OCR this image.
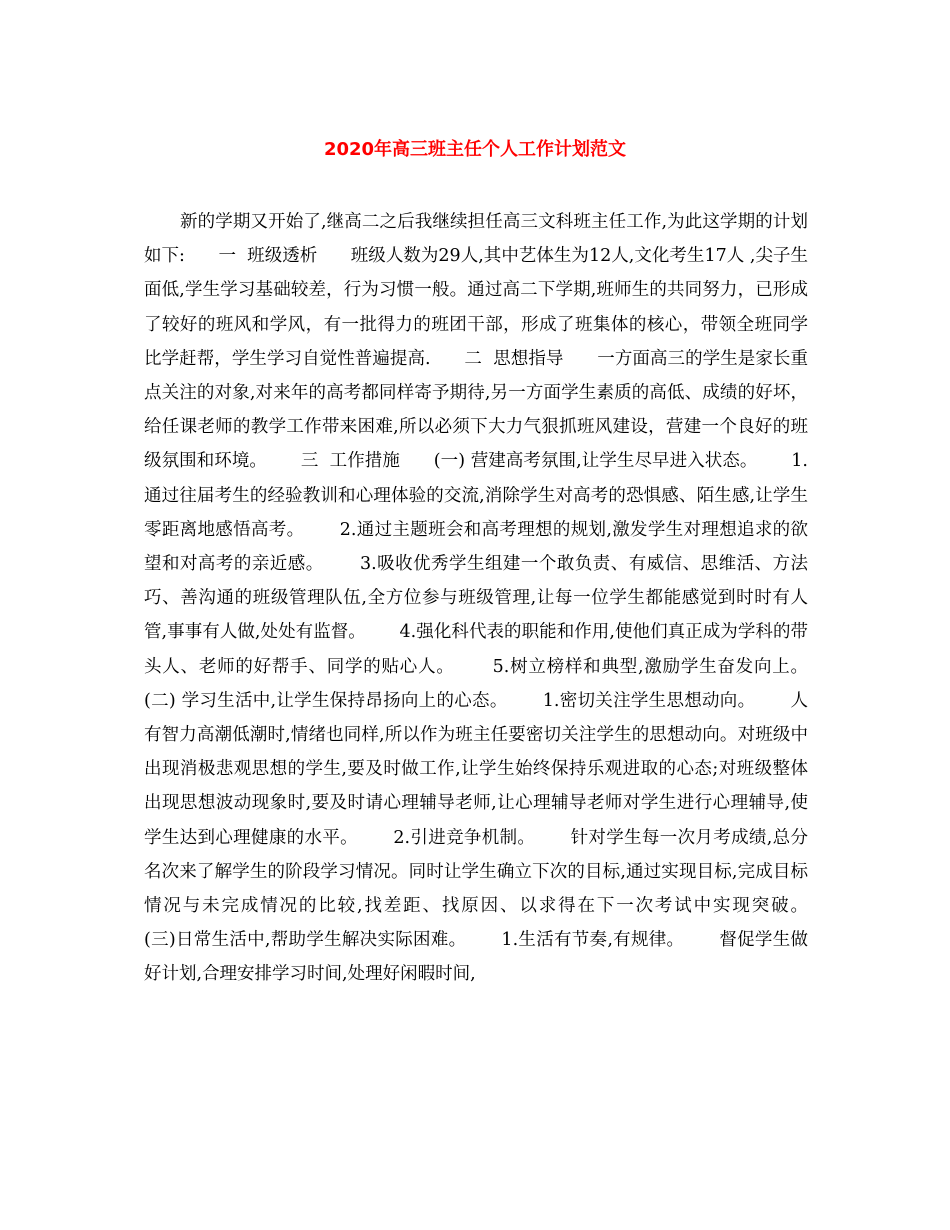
2020年高三班主任个人工作计划范文

新的学期又开始了,继高二之后我继续担任高三文科班主任工作,为此这学期的计划如下:      一  班级透析      班级人数为29人,其中艺体生为12人,文化考生17人 ,尖子生面低,学生学习基础较差，行为习惯一般。通过高二下学期,班师生的共同努力，已形成了较好的班风和学风，有一批得力的班团干部，形成了班集体的核心，带领全班同学比学赶帮，学生学习自觉性普遍提高.      二  思想指导      一方面高三的学生是家长重点关注的对象,对来年的高考都同样寄予期待,另一方面学生素质的高低、成绩的好坏，给任课老师的教学工作带来困难,所以必须下大力气狠抓班风建设，营建一个良好的班级氛围和环境。      三  工作措施      (一) 营建高考氛围,让学生尽早进入状态。      1.通过往届考生的经验教训和心理体验的交流,消除学生对高考的恐惧感、陌生感,让学生零距离地感悟高考。      2.通过主题班会和高考理想的规划,激发学生对理想追求的欲望和对高考的亲近感。      3.吸收优秀学生组建一个敢负责、有威信、思维活、方法巧、善沟通的班级管理队伍,全方位参与班级管理,让每一位学生都能感觉到时时有人管,事事有人做,处处有监督。      4.强化科代表的职能和作用,使他们真正成为学科的带头人、老师的好帮手、同学的贴心人。      5.树立榜样和典型,激励学生奋发向上。      (二) 学习生活中,让学生保持昂扬向上的心态。      1.密切关注学生思想动向。      人有智力高潮低潮时,情绪也同样,所以作为班主任要密切关注学生的思想动向。对班级中出现消极悲观思想的学生,要及时做工作,让学生始终保持乐观进取的心态;对班级整体出现思想波动现象时,要及时请心理辅导老师,让心理辅导老师对学生进行心理辅导,使学生达到心理健康的水平。      2.引进竞争机制。      针对学生每一次月考成绩,总分名次来了解学生的阶段学习情况。同时让学生确立下次的目标,通过实现目标,完成目标情况与未完成情况的比较,找差距、找原因、以求得在下一次考试中实现突破。      (三)日常生活中,帮助学生解决实际困难。      1.生活有节奏,有规律。      督促学生做好计划,合理安排学习时间,处理好闲暇时间,
